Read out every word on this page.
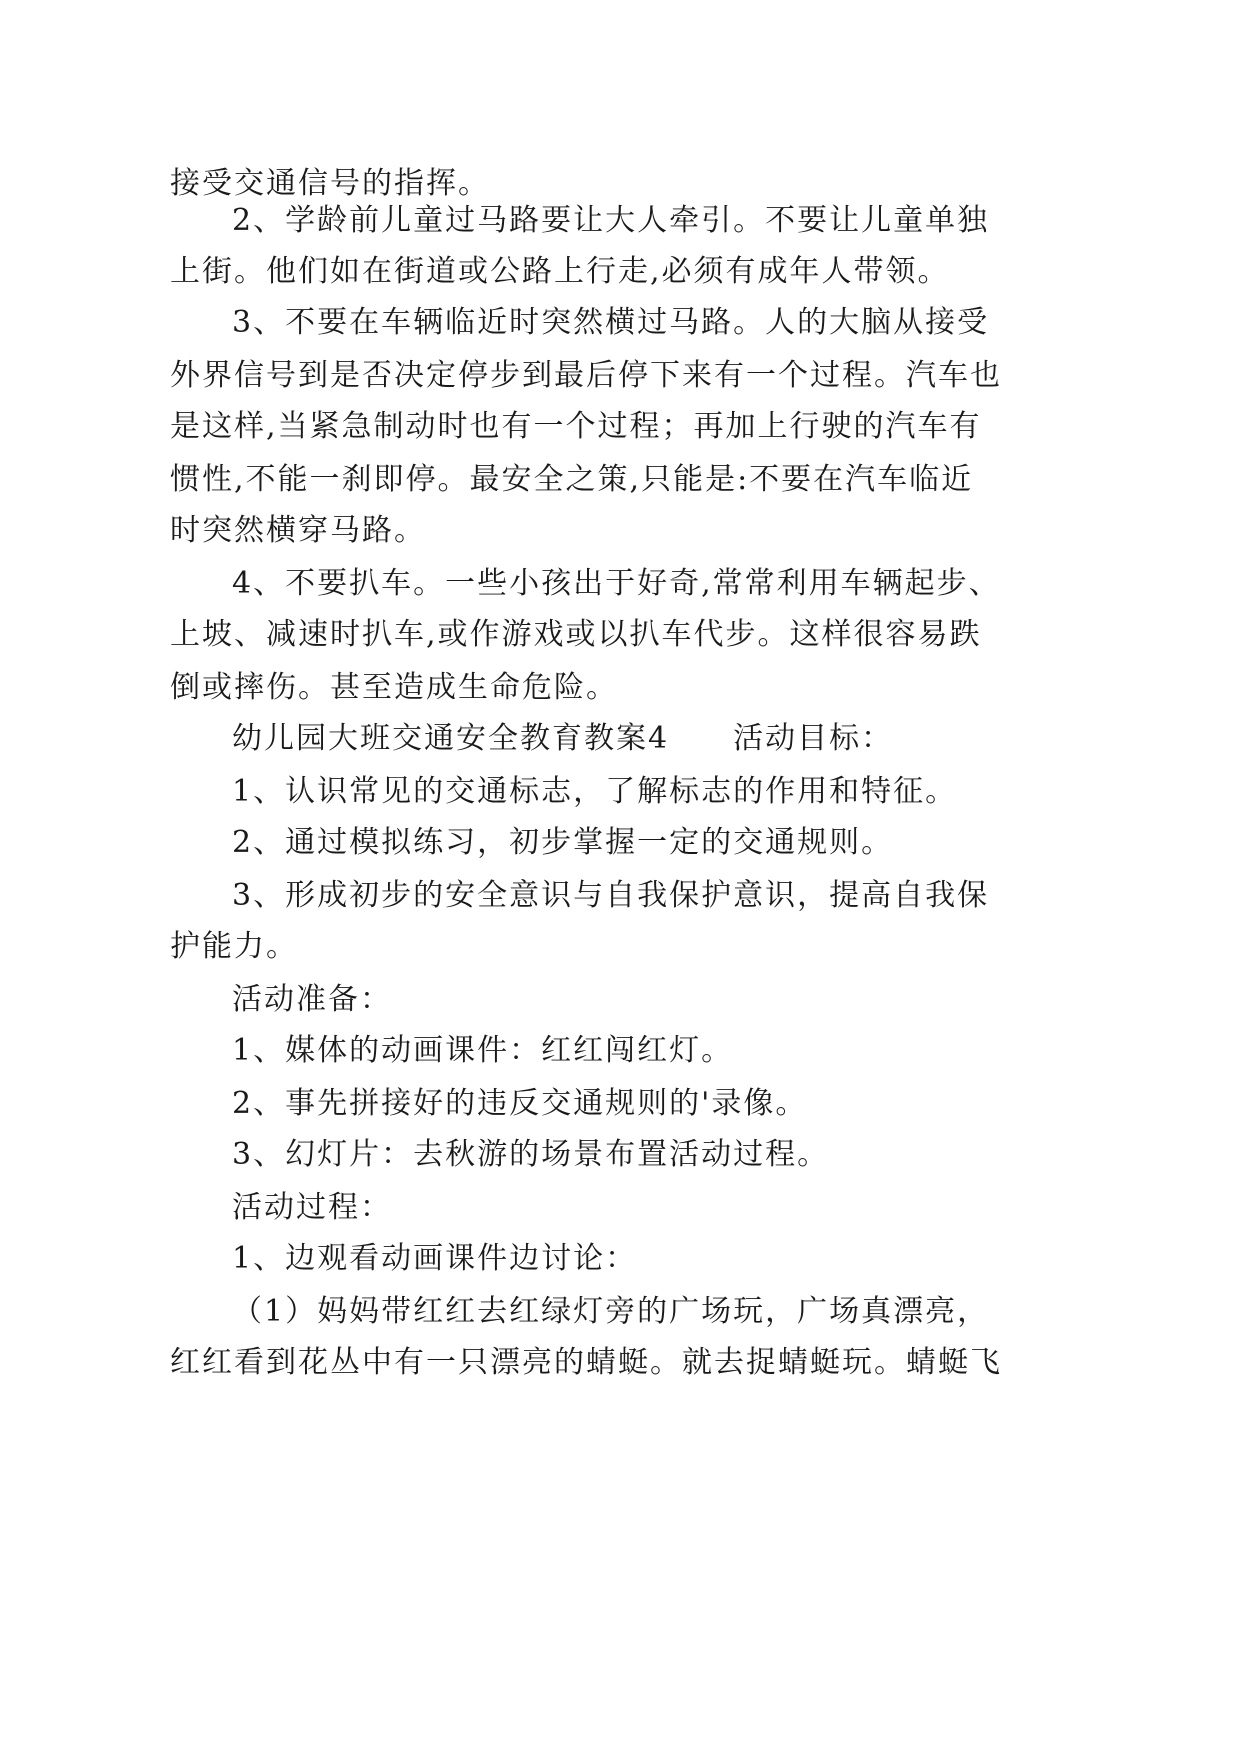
接受交通信号的指挥。
2、学龄前儿童过马路要让大人牵引。不要让儿童单独
上街。他们如在街道或公路上行走,必须有成年人带领。
3、不要在车辆临近时突然横过马路。人的大脑从接受
外界信号到是否决定停步到最后停下来有一个过程。汽车也
是这样,当紧急制动时也有一个过程；再加上行驶的汽车有
惯性,不能一刹即停。最安全之策,只能是:不要在汽车临近
时突然横穿马路。
4、不要扒车。一些小孩出于好奇,常常利用车辆起步、
上坡、减速时扒车,或作游戏或以扒车代步。这样很容易跌
倒或摔伤。甚至造成生命危险。
幼儿园大班交通安全教育教案4　　活动目标：
1、认识常见的交通标志，了解标志的作用和特征。
2、通过模拟练习，初步掌握一定的交通规则。
3、形成初步的安全意识与自我保护意识，提高自我保
护能力。
活动准备：
1、媒体的动画课件：红红闯红灯。
2、事先拼接好的违反交通规则的'录像。
3、幻灯片：去秋游的场景布置活动过程。
活动过程：
1、边观看动画课件边讨论：
（1）妈妈带红红去红绿灯旁的广场玩，广场真漂亮，
红红看到花丛中有一只漂亮的蜻蜓。就去捉蜻蜓玩。蜻蜓飞
